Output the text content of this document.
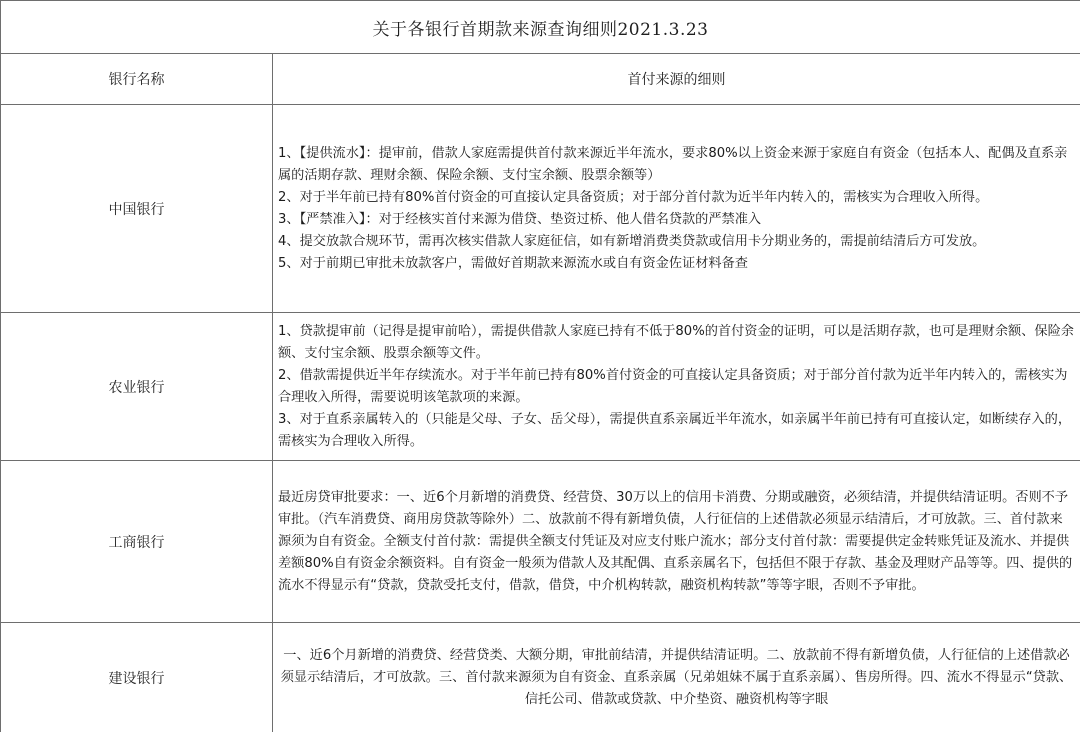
关于各银行首期款来源查询细则2021.3.23	
银行名称	首付来源的细则
中国银行	1、【提供流水】：提审前，借款人家庭需提供首付款来源近半年流水，要求80%以上资金来源于家庭自有资金（包括本人、配偶及直系亲属的活期存款、理财余额、保险余额、支付宝余额、股票余额等）
2、对于半年前已持有80%首付资金的可直接认定具备资质；对于部分首付款为近半年内转入的，需核实为合理收入所得。
3、【严禁准入】：对于经核实首付来源为借贷、垫资过桥、他人借名贷款的严禁准入
4、提交放款合规环节，需再次核实借款人家庭征信，如有新增消费类贷款或信用卡分期业务的，需提前结清后方可发放。
5、对于前期已审批未放款客户，需做好首期款来源流水或自有资金佐证材料备查

农业银行	1、贷款提审前（记得是提审前哈），需提供借款人家庭已持有不低于80%的首付资金的证明，可以是活期存款，也可是理财余额、保险余额、支付宝余额、股票余额等文件。
2、借款需提供近半年存续流水。对于半年前已持有80%首付资金的可直接认定具备资质；对于部分首付款为近半年内转入的，需核实为合理收入所得，需要说明该笔款项的来源。
3、对于直系亲属转入的（只能是父母、子女、岳父母），需提供直系亲属近半年流水，如亲属半年前已持有可直接认定，如断续存入的，需核实为合理收入所得。

工商银行	最近房贷审批要求：一、近6个月新增的消费贷、经营贷、30万以上的信用卡消费、分期或融资，必须结清，并提供结清证明。否则不予审批。（汽车消费贷、商用房贷款等除外）二、放款前不得有新增负债，人行征信的上述借款必须显示结清后，才可放款。三、首付款来源须为自有资金。全额支付首付款：需提供全额支付凭证及对应支付账户流水；部分支付首付款：需要提供定金转账凭证及流水、并提供差额80%自有资金余额资料。自有资金一般须为借款人及其配偶、直系亲属名下，包括但不限于存款、基金及理财产品等等。四、提供的流水不得显示有“贷款，贷款受托支付，借款，借贷，中介机构转款，融资机构转款”等等字眼，否则不予审批。

建设银行	一、近6个月新增的消费贷、经营贷类、大额分期，审批前结清，并提供结清证明。二、放款前不得有新增负债，人行征信的上述借款必须显示结清后，才可放款。三、首付款来源须为自有资金、直系亲属（兄弟姐妹不属于直系亲属）、售房所得。四、流水不得显示“贷款、信托公司、借款或贷款、中介垫资、融资机构等字眼
